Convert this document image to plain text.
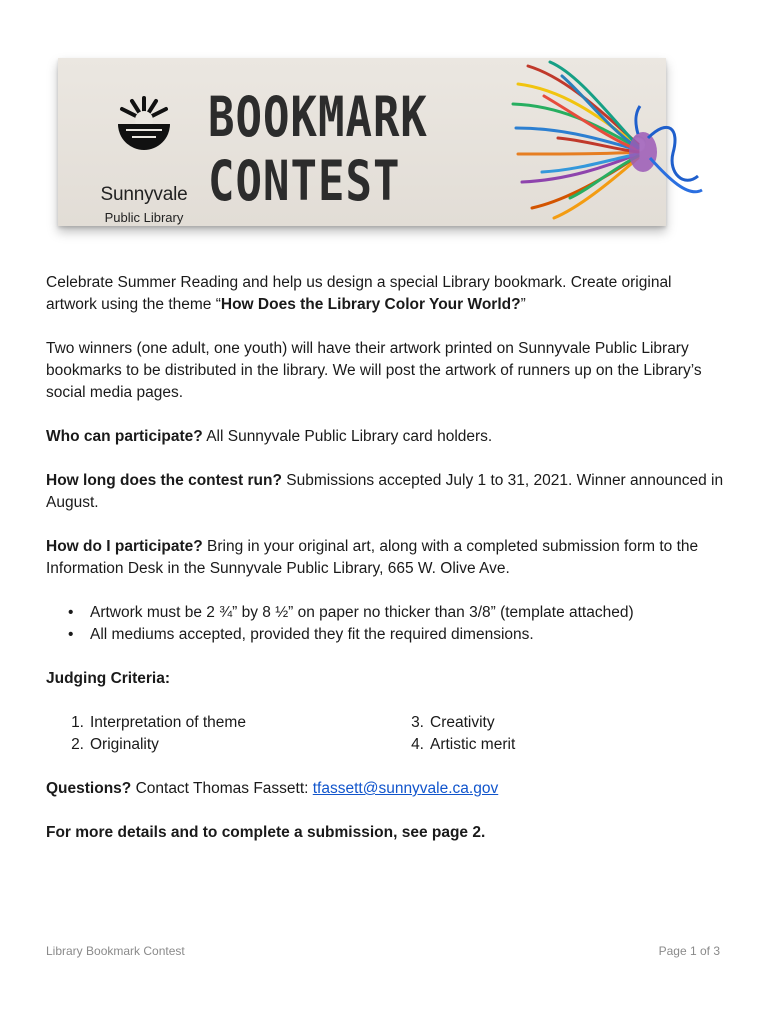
Sunnyvale
Public Library
BOOKMARK
CONTEST

Celebrate Summer Reading and help us design a special Library bookmark. Create original artwork using the theme “How Does the Library Color Your World?”

Two winners (one adult, one youth) will have their artwork printed on Sunnyvale Public Library bookmarks to be distributed in the library. We will post the artwork of runners up on the Library’s social media pages.

Who can participate? All Sunnyvale Public Library card holders.

How long does the contest run? Submissions accepted July 1 to 31, 2021. Winner announced in August.

How do I participate? Bring in your original art, along with a completed submission form to the Information Desk in the Sunnyvale Public Library, 665 W. Olive Ave.

• Artwork must be 2 ¾” by 8 ½” on paper no thicker than 3/8” (template attached)
• All mediums accepted, provided they fit the required dimensions.
Judging Criteria:
1. Interpretation of theme
2. Originality
3. Creativity
4. Artistic merit

Questions? Contact Thomas Fassett: tfassett@sunnyvale.ca.gov

For more details and to complete a submission, see page 2.

Library Bookmark Contest	Page 1 of 3
